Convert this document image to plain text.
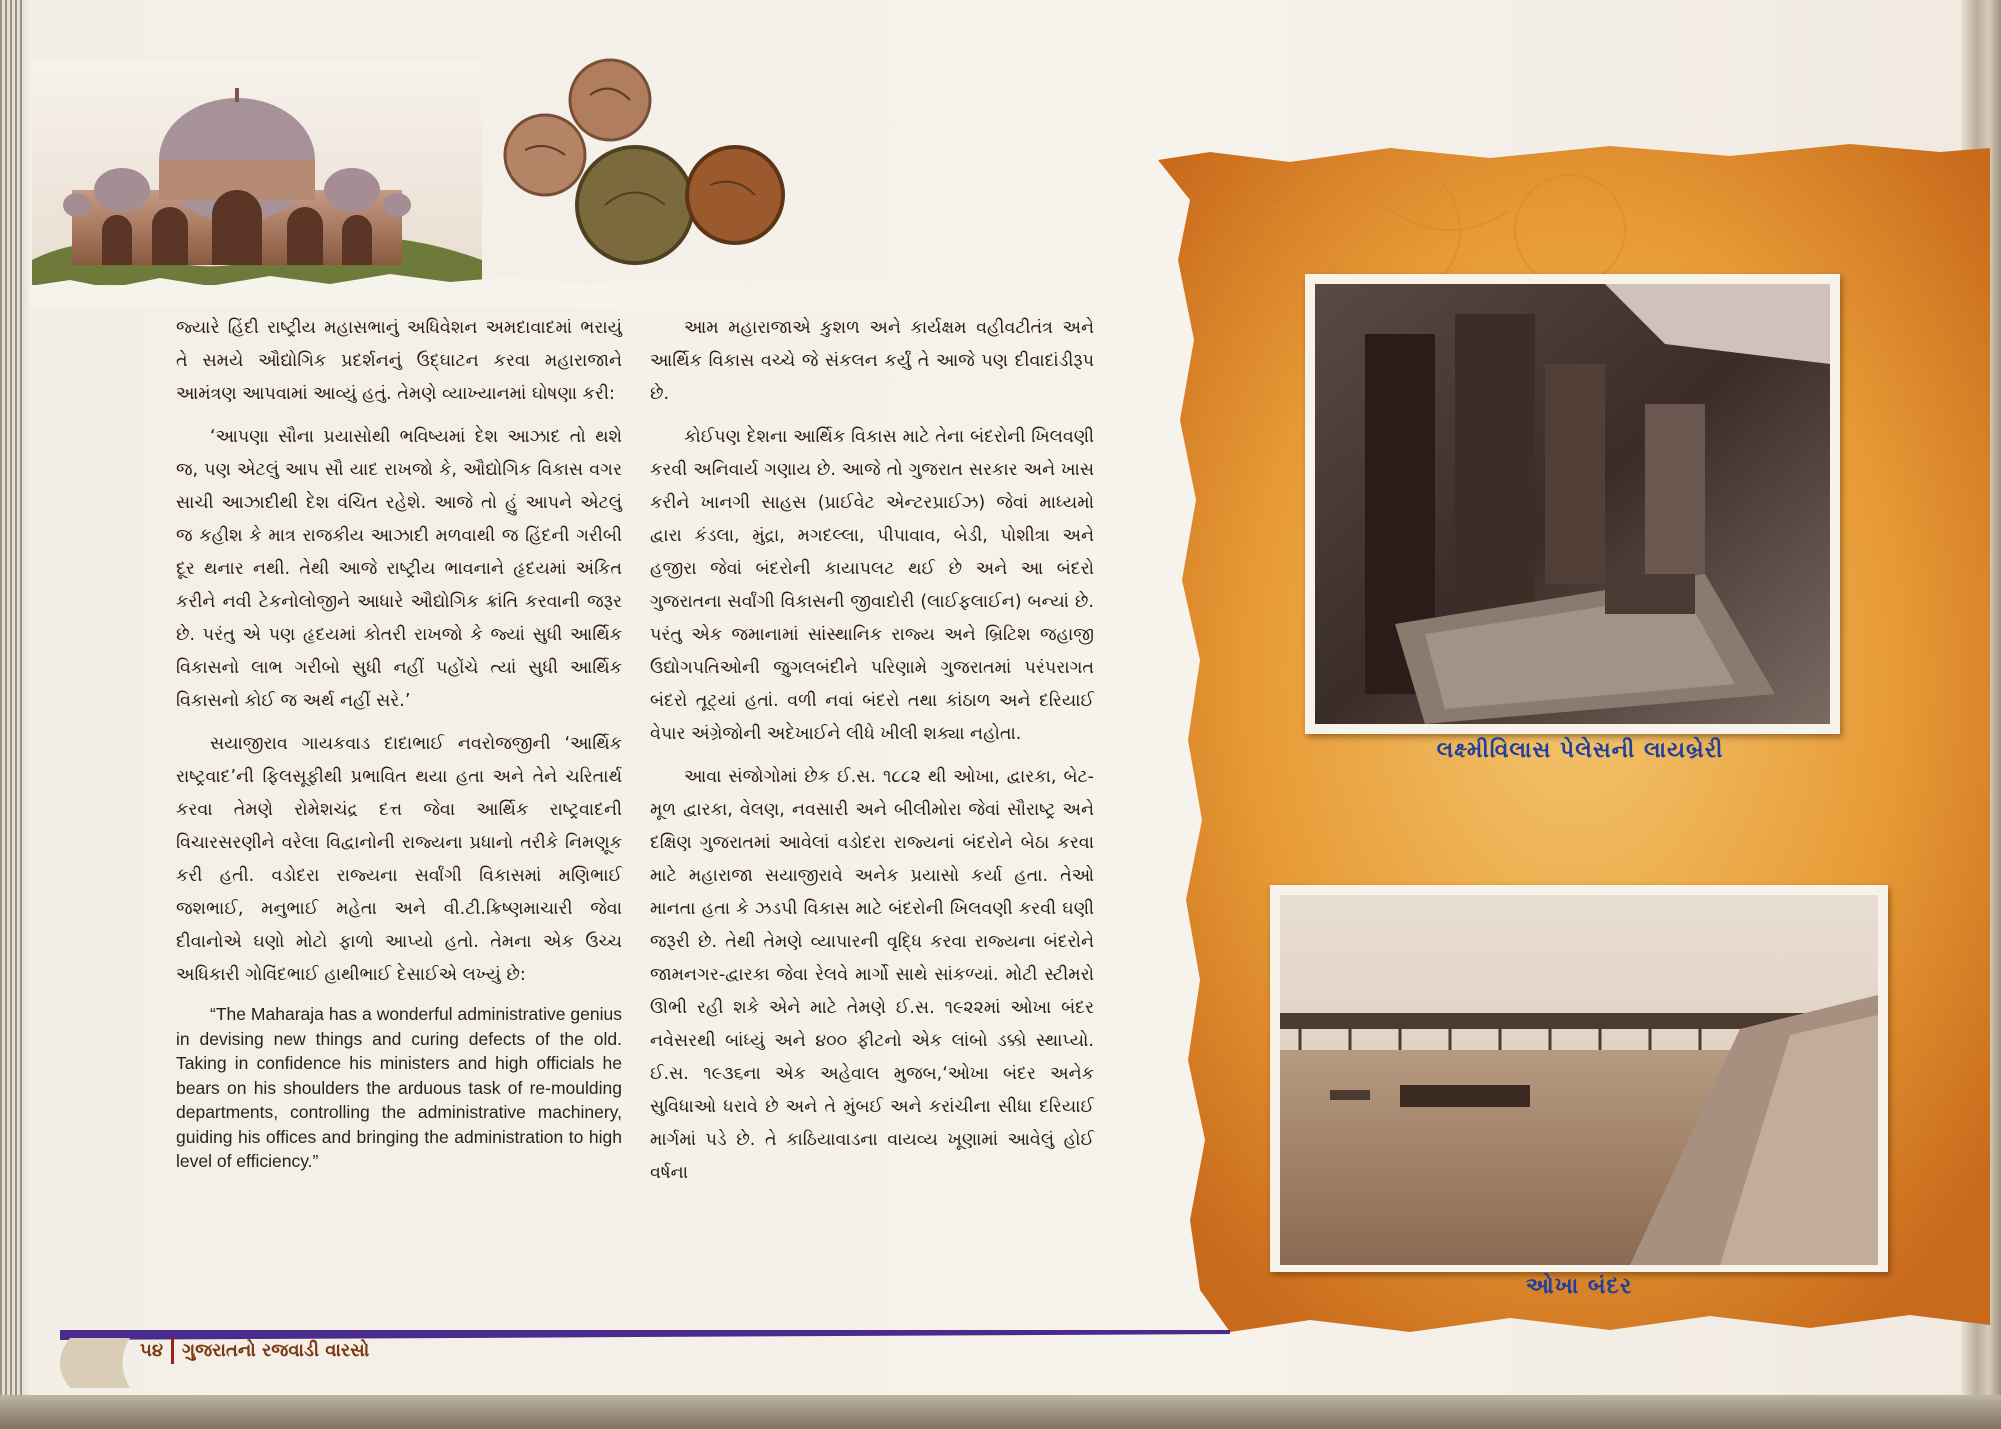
લક્ષ્મીવિલાસ પેલેસની લાયબ્રેરી
ઓખા બંદર

જ્યારે હિંદી રાષ્ટ્રીય મહાસભાનું અધિવેશન અમદાવાદમાં ભરાયું તે સમયે ઔદ્યોગિક પ્રદર્શનનું ઉદ્ઘાટન કરવા મહારાજાને આમંત્રણ આપવામાં આવ્યું હતું. તેમણે વ્યાખ્યાનમાં ઘોષણા કરી:

‘આપણા સૌના પ્રયાસોથી ભવિષ્યમાં દેશ આઝાદ તો થશે જ, પણ એટલું આપ સૌ યાદ રાખજો કે, ઔદ્યોગિક વિકાસ વગર સાચી આઝાદીથી દેશ વંચિત રહેશે. આજે તો હું આપને એટલું જ કહીશ કે માત્ર રાજકીય આઝાદી મળવાથી જ હિંદની ગરીબી દૂર થનાર નથી. તેથી આજે રાષ્ટ્રીય ભાવનાને હૃદયમાં અંકિત કરીને નવી ટેકનોલોજીને આધારે ઔદ્યોગિક ક્રાંતિ કરવાની જરૂર છે. પરંતુ એ પણ હૃદયમાં કોતરી રાખજો કે જ્યાં સુધી આર્થિક વિકાસનો લાભ ગરીબો સુધી નહીં પહોંચે ત્યાં સુધી આર્થિક વિકાસનો કોઈ જ અર્થ નહીં સરે.’

સયાજીરાવ ગાયકવાડ દાદાભાઈ નવરોજજીની ‘આર્થિક રાષ્ટ્રવાદ’ની ફિલસૂફીથી પ્રભાવિત થયા હતા અને તેને ચરિતાર્થ કરવા તેમણે રોમેશચંદ્ર દત્ત જેવા આર્થિક રાષ્ટ્રવાદની વિચારસરણીને વરેલા વિદ્વાનોની રાજ્યના પ્રધાનો તરીકે નિમણૂક કરી હતી. વડોદરા રાજ્યના સર્વાંગી વિકાસમાં મણિભાઈ જશભાઈ, મનુભાઈ મહેતા અને વી.ટી.ક્રિષ્ણમાચારી જેવા દીવાનોએ ઘણો મોટો ફાળો આપ્યો હતો. તેમના એક ઉચ્ચ અધિકારી ગોવિંદભાઈ હાથીભાઈ દેસાઈએ લખ્યું છે:

“The Maharaja has a wonderful administrative genius in devising new things and curing defects of the old. Taking in confidence his ministers and high officials he bears on his shoulders the arduous task of re-moulding departments, controlling the administrative machinery, guiding his offices and bringing the administration to high level of efficiency.”

આમ મહારાજાએ કુશળ અને કાર્યક્ષમ વહીવટીતંત્ર અને આર્થિક વિકાસ વચ્ચે જે સંકલન કર્યું તે આજે પણ દીવાદાંડીરૂપ છે.

કોઈપણ દેશના આર્થિક વિકાસ માટે તેના બંદરોની ખિલવણી કરવી અનિવાર્ય ગણાય છે. આજે તો ગુજરાત સરકાર અને ખાસ કરીને ખાનગી સાહસ (પ્રાઈવેટ એન્ટરપ્રાઈઝ) જેવાં માધ્યમો દ્વારા કંડલા, મુંદ્રા, મગદલ્લા, પીપાવાવ, બેડી, પોશીત્રા અને હજીરા જેવાં બંદરોની કાયાપલટ થઈ છે અને આ બંદરો ગુજરાતના સર્વાંગી વિકાસની જીવાદોરી (લાઈફલાઈન) બન્યાં છે. પરંતુ એક જમાનામાં સાંસ્થાનિક રાજ્ય અને બ્રિટિશ જહાજી ઉદ્યોગપતિઓની જુગલબંદીને પરિણામે ગુજરાતમાં પરંપરાગત બંદરો તૂટ્યાં હતાં. વળી નવાં બંદરો તથા કાંઠાળ અને દરિયાઈ વેપાર અંગ્રેજોની અદેખાઈને લીધે ખીલી શક્યા નહોતા.

આવા સંજોગોમાં છેક ઈ.સ. ૧૮૮૨ થી ઓખા, દ્વારકા, બેટ-મૂળ દ્વારકા, વેલણ, નવસારી અને બીલીમોરા જેવાં સૌરાષ્ટ્ર અને દક્ષિણ ગુજરાતમાં આવેલાં વડોદરા રાજ્યનાં બંદરોને બેઠા કરવા માટે મહારાજા સયાજીરાવે અનેક પ્રયાસો કર્યા હતા. તેઓ માનતા હતા કે ઝડપી વિકાસ માટે બંદરોની ખિલવણી કરવી ઘણી જરૂરી છે. તેથી તેમણે વ્યાપારની વૃદ્ધિ કરવા રાજ્યના બંદરોને જામનગર-દ્વારકા જેવા રેલવે માર્ગો સાથે સાંકળ્યાં. મોટી સ્ટીમરો ઊભી રહી શકે એને માટે તેમણે ઈ.સ. ૧૯૨૨માં ઓખા બંદર નવેસરથી બાંધ્યું અને ૪૦૦ ફીટનો એક લાંબો ડક્કો સ્થાપ્યો. ઈ.સ. ૧૯૩૬ના એક અહેવાલ મુજબ,‘ઓખા બંદર અનેક સુવિધાઓ ધરાવે છે અને તે મુંબઈ અને કરાંચીના સીધા દરિયાઈ માર્ગમાં પડે છે. તે કાઠિયાવાડના વાયવ્ય ખૂણામાં આવેલું હોઈ વર્ષના

૫૪ ગુજરાતનો રજવાડી વારસો
